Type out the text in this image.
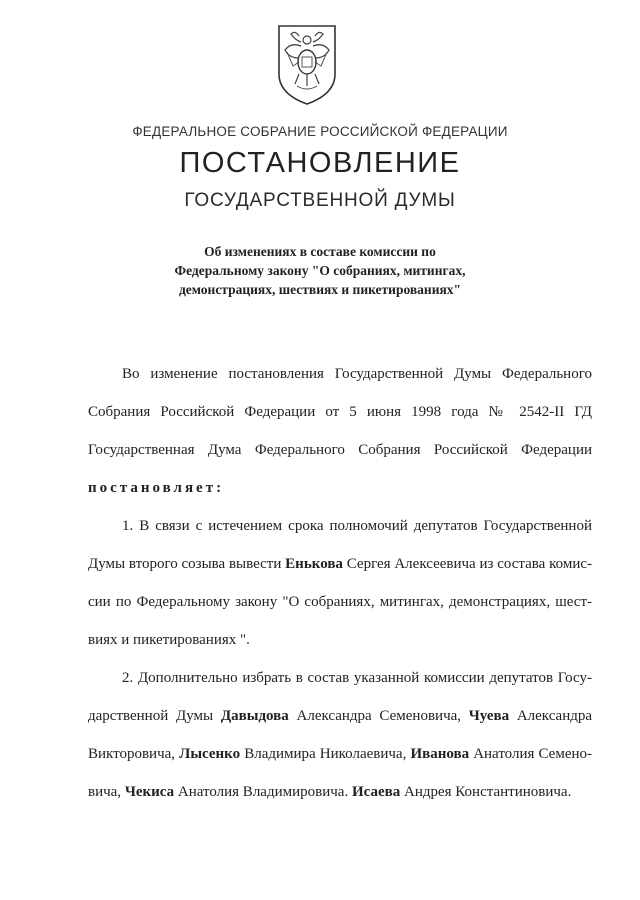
ФЕДЕРАЛЬНОЕ СОБРАНИЕ РОССИЙСКОЙ ФЕДЕРАЦИИ
ПОСТАНОВЛЕНИЕ
ГОСУДАРСТВЕННОЙ ДУМЫ
Об изменениях в составе комиссии по
Федеральному закону "О собраниях, митингах,
демонстрациях, шествиях и пикетированиях"
Во изменение постановления Государственной Думы Федерального
Собрания Российской Федерации от 5 июня 1998 года № 2542-II ГД
Государственная Дума Федерального Собрания Российской Федерации
постановляет:
1. В связи с истечением срока полномочий депутатов Государственной
Думы второго созыва вывести Енькова Сергея Алексеевича из состава комис-
сии по Федеральному закону "О собраниях, митингах, демонстрациях, шест-
виях и пикетированиях ".
2. Дополнительно избрать в состав указанной комиссии депутатов Госу-
дарственной Думы Давыдова Александра Семеновича, Чуева Александра
Викторовича, Лысенко Владимира Николаевича, Иванова Анатолия Семено-
вича, Чекиса Анатолия Владимировича. Исаева Андрея Константиновича.
